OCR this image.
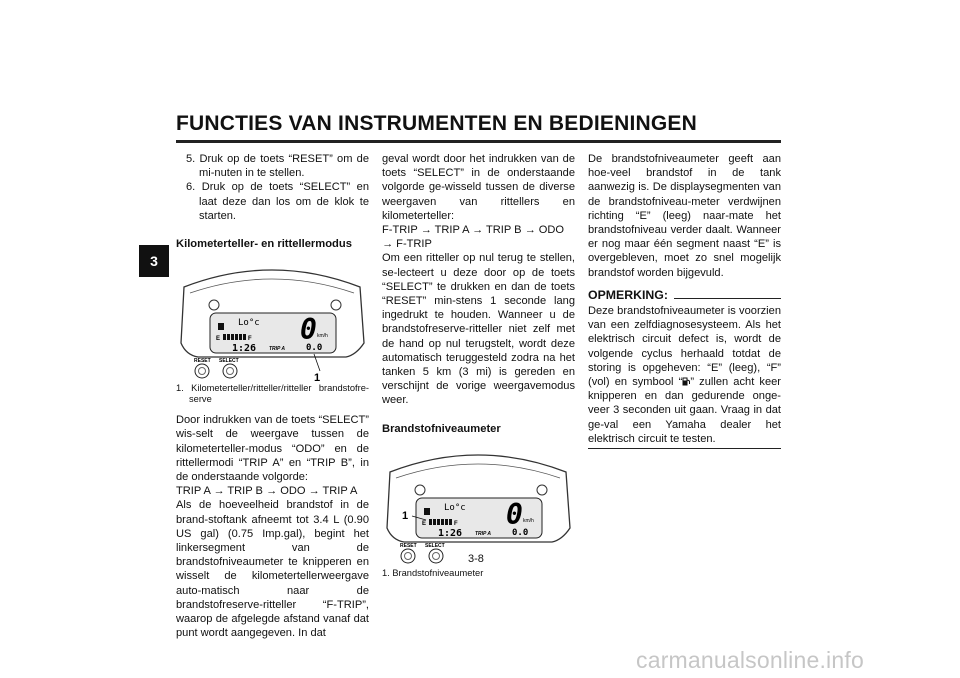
FUNCTIES VAN INSTRUMENTEN EN BEDIENINGEN
3

5. Druk op de toets “RESET” om de mi-nuten in te stellen.

6. Druk op de toets “SELECT” en laat deze dan los om de klok te starten.

Kilometerteller- en rittellermodus

Lo°c
E	F
1:26	TRIP A
0 km/h
0.0
1
RESET SELECT

1. Kilometerteller/ritteller/ritteller brandstofre-serve

Door indrukken van de toets “SELECT” wis-selt de weergave tussen de kilometerteller-modus “ODO” en de rittellermodi “TRIP A” en “TRIP B”, in de onderstaande volgorde:

TRIP A → TRIP B → ODO → TRIP A

Als de hoeveelheid brandstof in de brand-stoftank afneemt tot 3.4 L (0.90 US gal) (0.75 Imp.gal), begint het linkersegment van de brandstofniveaumeter te knipperen en wisselt de kilometertellerweergave auto-matisch naar de brandstofreserve-ritteller “F-TRIP”, waarop de afgelegde afstand vanaf dat punt wordt aangegeven. In dat

geval wordt door het indrukken van de toets “SELECT” in de onderstaande volgorde ge-wisseld tussen de diverse weergaven van rittellers en kilometerteller:

F-TRIP → TRIP A → TRIP B → ODO → F-TRIP

Om een ritteller op nul terug te stellen, se-lecteert u deze door op de toets “SELECT” te drukken en dan de toets “RESET” min-stens 1 seconde lang ingedrukt te houden. Wanneer u de brandstofreserve-ritteller niet zelf met de hand op nul terugstelt, wordt deze automatisch teruggesteld zodra na het tanken 5 km (3 mi) is gereden en verschijnt de vorige weergavemodus weer.

Brandstofniveaumeter

Lo°c
E	F
1
1:26	TRIP A
0 km/h
0.0
RESET SELECT

1. Brandstofniveaumeter

De brandstofniveaumeter geeft aan hoe-veel brandstof in de tank aanwezig is. De displaysegmenten van de brandstofniveau-meter verdwijnen richting “E” (leeg) naar-mate het brandstofniveau verder daalt. Wanneer er nog maar één segment naast “E” is overgebleven, moet zo snel mogelijk brandstof worden bijgevuld.

OPMERKING:

Deze brandstofniveaumeter is voorzien van een zelfdiagnosesysteem. Als het elektrisch circuit defect is, wordt de volgende cyclus herhaald totdat de storing is opgeheven: “E” (leeg), “F” (vol) en symbool “ ” zullen acht keer knipperen en dan gedurende onge-veer 3 seconden uit gaan. Vraag in dat ge-val een Yamaha dealer het elektrisch circuit te testen.

3-8
carmanualsonline.info
